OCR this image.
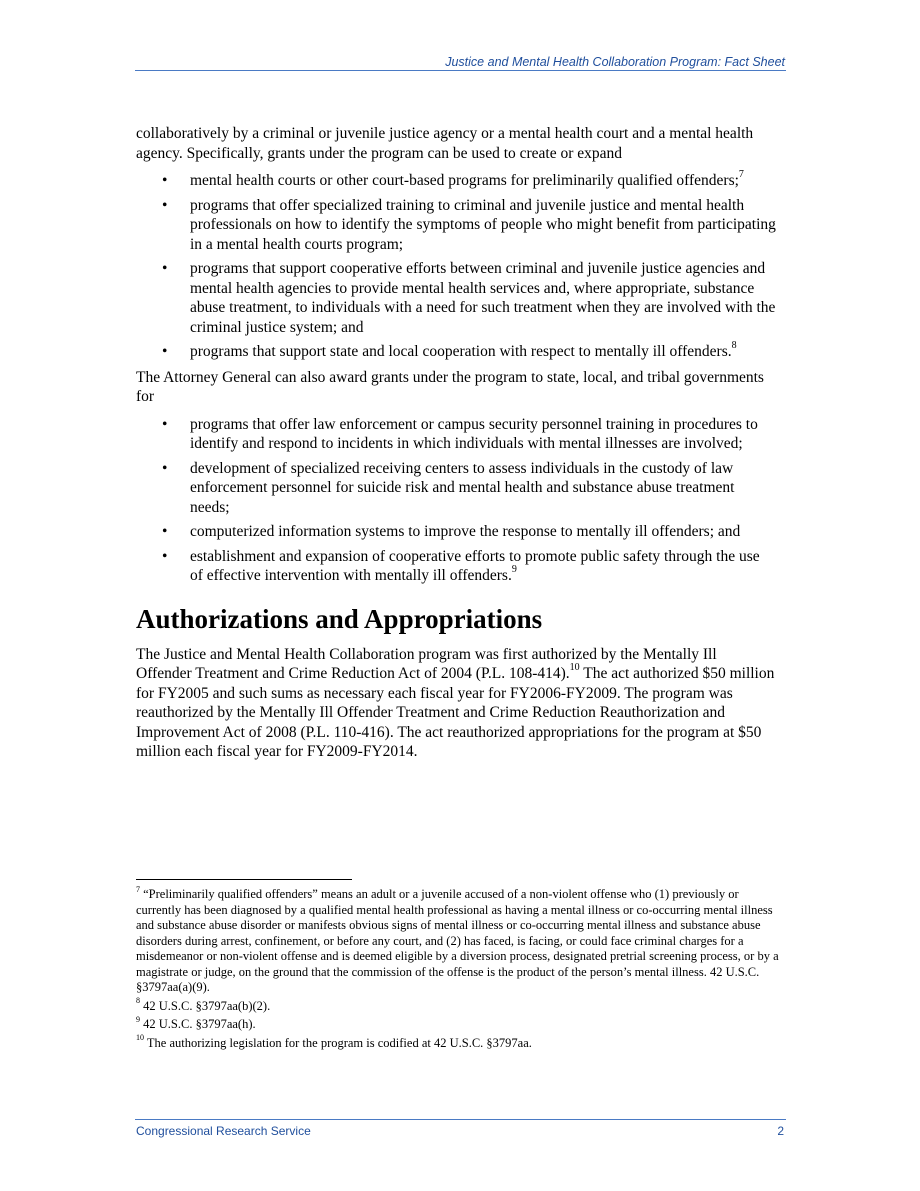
Justice and Mental Health Collaboration Program: Fact Sheet

collaboratively by a criminal or juvenile justice agency or a mental health court and a mental health agency. Specifically, grants under the program can be used to create or expand

• mental health courts or other court-based programs for preliminarily qualified offenders;$^7$
• programs that offer specialized training to criminal and juvenile justice and mental health professionals on how to identify the symptoms of people who might benefit from participating in a mental health courts program;
• programs that support cooperative efforts between criminal and juvenile justice agencies and mental health agencies to provide mental health services and, where appropriate, substance abuse treatment, to individuals with a need for such treatment when they are involved with the criminal justice system; and
• programs that support state and local cooperation with respect to mentally ill offenders.$^8$

The Attorney General can also award grants under the program to state, local, and tribal governments for

• programs that offer law enforcement or campus security personnel training in procedures to identify and respond to incidents in which individuals with mental illnesses are involved;
• development of specialized receiving centers to assess individuals in the custody of law enforcement personnel for suicide risk and mental health and substance abuse treatment needs;
• computerized information systems to improve the response to mentally ill offenders; and
• establishment and expansion of cooperative efforts to promote public safety through the use of effective intervention with mentally ill offenders.$^9$
Authorizations and Appropriations

The Justice and Mental Health Collaboration program was first authorized by the Mentally Ill Offender Treatment and Crime Reduction Act of 2004 (P.L. 108-414).$^{10}$ The act authorized $50 million for FY2005 and such sums as necessary each fiscal year for FY2006-FY2009. The program was reauthorized by the Mentally Ill Offender Treatment and Crime Reduction Reauthorization and Improvement Act of 2008 (P.L. 110-416). The act reauthorized appropriations for the program at $50 million each fiscal year for FY2009-FY2014.

$^7$ “Preliminarily qualified offenders” means an adult or a juvenile accused of a non-violent offense who (1) previously or currently has been diagnosed by a qualified mental health professional as having a mental illness or co-occurring mental illness and substance abuse disorder or manifests obvious signs of mental illness or co-occurring mental illness and substance abuse disorders during arrest, confinement, or before any court, and (2) has faced, is facing, or could face criminal charges for a misdemeanor or non-violent offense and is deemed eligible by a diversion process, designated pretrial screening process, or by a magistrate or judge, on the ground that the commission of the offense is the product of the person’s mental illness. 42 U.S.C. §3797aa(a)(9).

$^8$ 42 U.S.C. §3797aa(b)(2).

$^9$ 42 U.S.C. §3797aa(h).

$^{10}$ The authorizing legislation for the program is codified at 42 U.S.C. §3797aa.

Congressional Research Service	2
